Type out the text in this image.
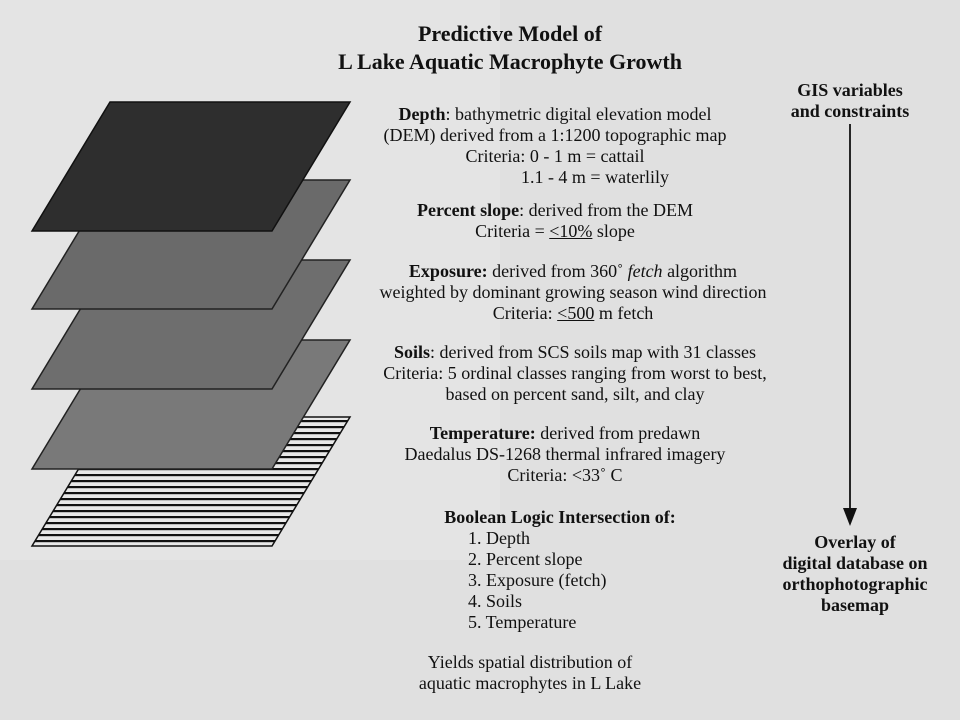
Predictive Model of
L Lake Aquatic Macrophyte Growth
Depth: bathymetric digital elevation model
(DEM) derived from a 1:1200 topographic map
Criteria: 0 - 1 m = cattail
1.1 - 4 m = waterlily
Percent slope: derived from the DEM
Criteria = <10% slope
Exposure: derived from 360˚ fetch algorithm
weighted by dominant growing season wind direction
Criteria: <500 m fetch
Soils: derived from SCS soils map with 31 classes
Criteria: 5 ordinal classes ranging from worst to best,
based on percent sand, silt, and clay
Temperature: derived from predawn
Daedalus DS-1268 thermal infrared imagery
Criteria: <33˚ C
Boolean Logic Intersection of:
1. Depth
2. Percent slope
3. Exposure (fetch)
4. Soils
5. Temperature
Yields spatial distribution of
aquatic macrophytes in L Lake
GIS variables
and constraints
Overlay of
digital database on
orthophotographic
basemap
